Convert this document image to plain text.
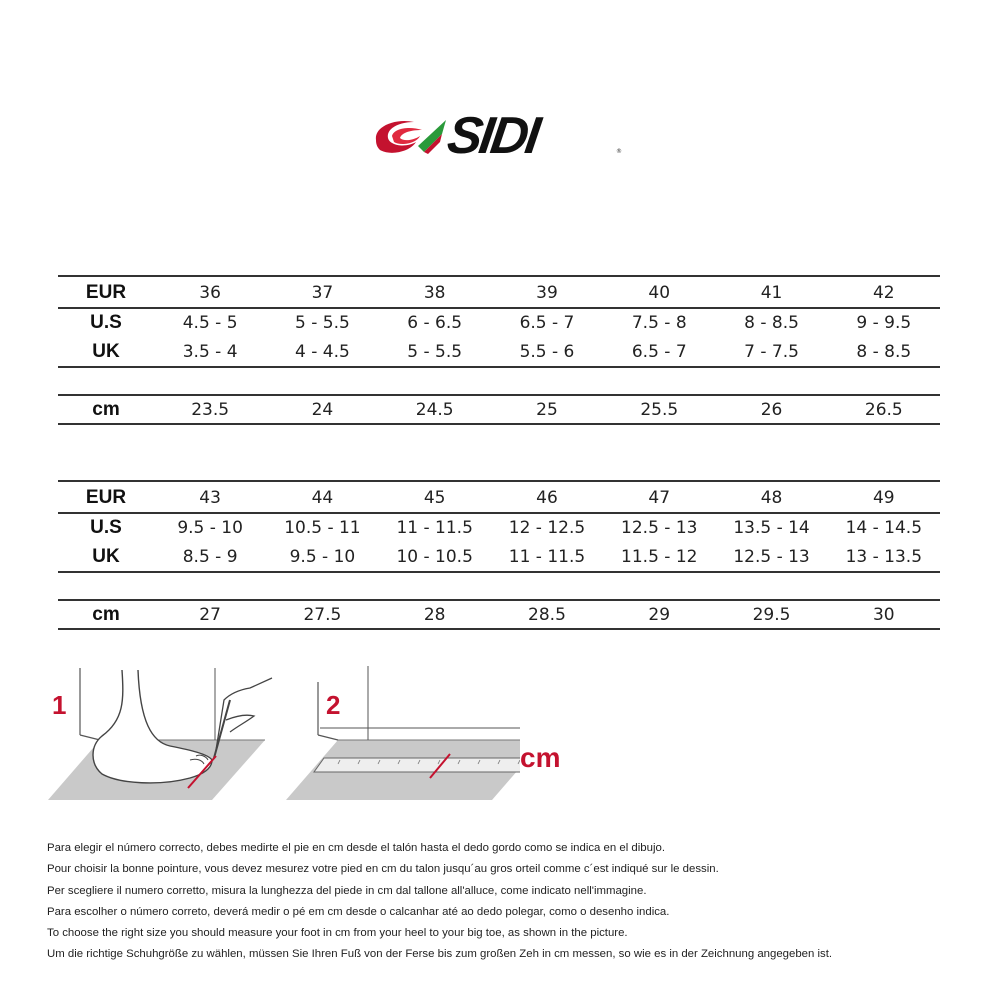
SIDI	®
EUR	36	37	38	39	40	41	42
U.S	4.5 - 5	5 - 5.5	6 - 6.5	6.5 - 7	7.5 - 8	8 - 8.5	9 - 9.5
UK	3.5 - 4	4 - 4.5	5 - 5.5	5.5 - 6	6.5 - 7	7 - 7.5	8 - 8.5
cm	23.5	24	24.5	25	25.5	26	26.5
EUR	43	44	45	46	47	48	49
U.S	9.5 - 10	10.5 - 11	11 - 11.5	12 - 12.5	12.5 - 13	13.5 - 14	14 - 14.5
UK	8.5 - 9	9.5 - 10	10 - 10.5	11 - 11.5	11.5 - 12	12.5 - 13	13 - 13.5
cm	27	27.5	28	28.5	29	29.5	30
1	2
cm

Para elegir el número correcto, debes medirte el pie en cm desde el talón hasta el dedo gordo como se indica en el dibujo.

Pour choisir la bonne pointure, vous devez mesurez votre pied en cm du talon jusqu´au gros orteil comme c´est indiqué sur le dessin.

Per scegliere il numero corretto, misura la lunghezza del piede in cm dal tallone all'alluce, come indicato nell'immagine.

Para escolher o número correto, deverá medir o pé em cm desde o calcanhar até ao dedo polegar, como o desenho indica.

To choose the right size you should measure your foot in cm from your heel to your big toe, as shown in the picture.

Um die richtige Schuhgröße zu wählen, müssen Sie Ihren Fuß von der Ferse bis zum großen Zeh in cm messen, so wie es in der Zeichnung angegeben ist.
